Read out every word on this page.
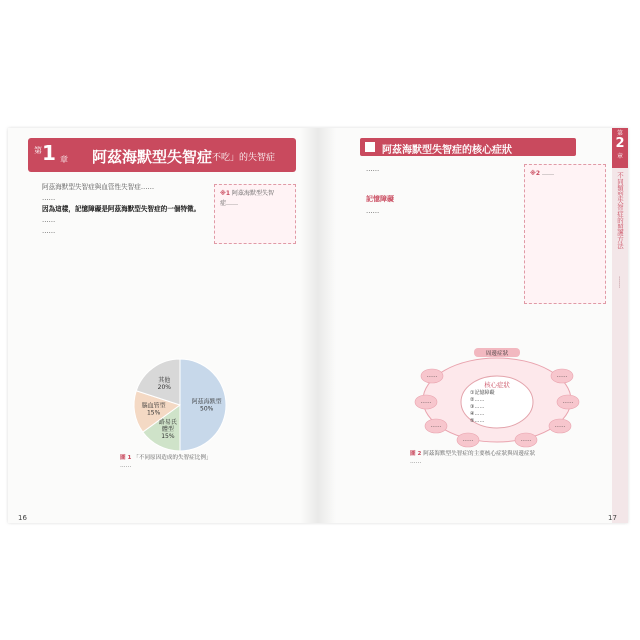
第 1 章 阿茲海默型失智症
「不吃」的失智症
阿茲海默型失智症與血管性失智症……
……
因為這樣，記憶障礙是阿茲海默型失智症的一個特徵。
……
……
※1 阿茲海默型失智症……
阿茲海默型 50%
路易氏體型 15%
腦血管型 15%
其他 20%
圖 1 「不同原因造成的失智症比例」
……
16
阿茲海默型失智症的核心症狀
……
記憶障礙
……
※2 ……
周邊症狀
核心症狀
①記憶障礙
②……
③……
④……
⑤……
……
……
……
……	……
……
……
……
圖 2 阿茲海默型失智症的主要核心症狀與周邊症狀
……
第
2
章
不同類型失智症的照護方法
……
17
